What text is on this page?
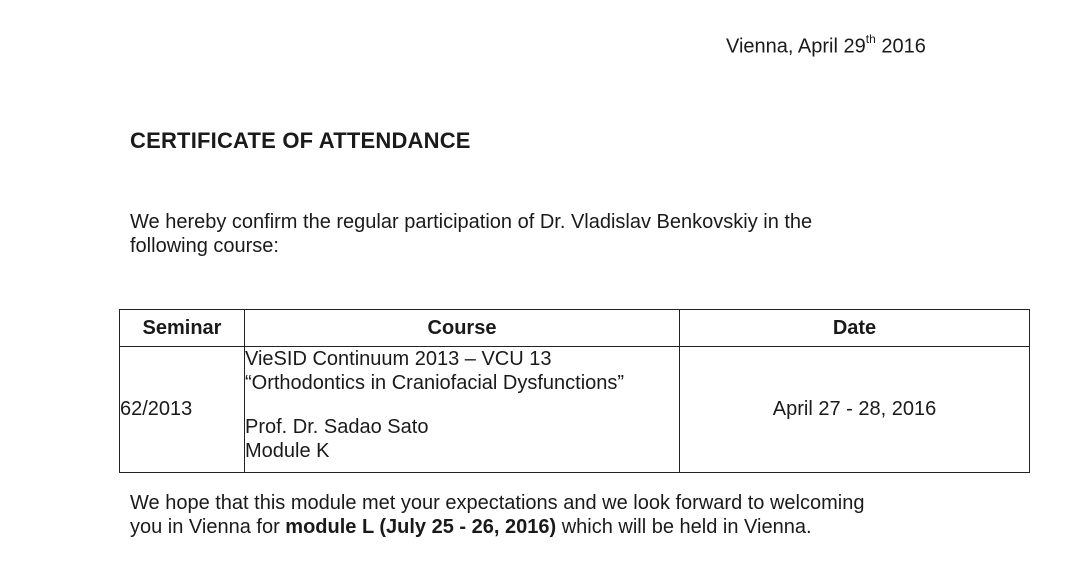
Vienna, April 29th 2016
CERTIFICATE OF ATTENDANCE
We hereby confirm the regular participation of Dr. Vladislav Benkovskiy in the
following course:
Seminar	Course	Date
62/2013	VieSID Continuum 2013 – VCU 13
“Orthodontics in Craniofacial Dysfunctions”
Prof. Dr. Sadao Sato
Module K	April 27 - 28, 2016
We hope that this module met your expectations and we look forward to welcoming
you in Vienna for module L (July 25 - 26, 2016) which will be held in Vienna.
